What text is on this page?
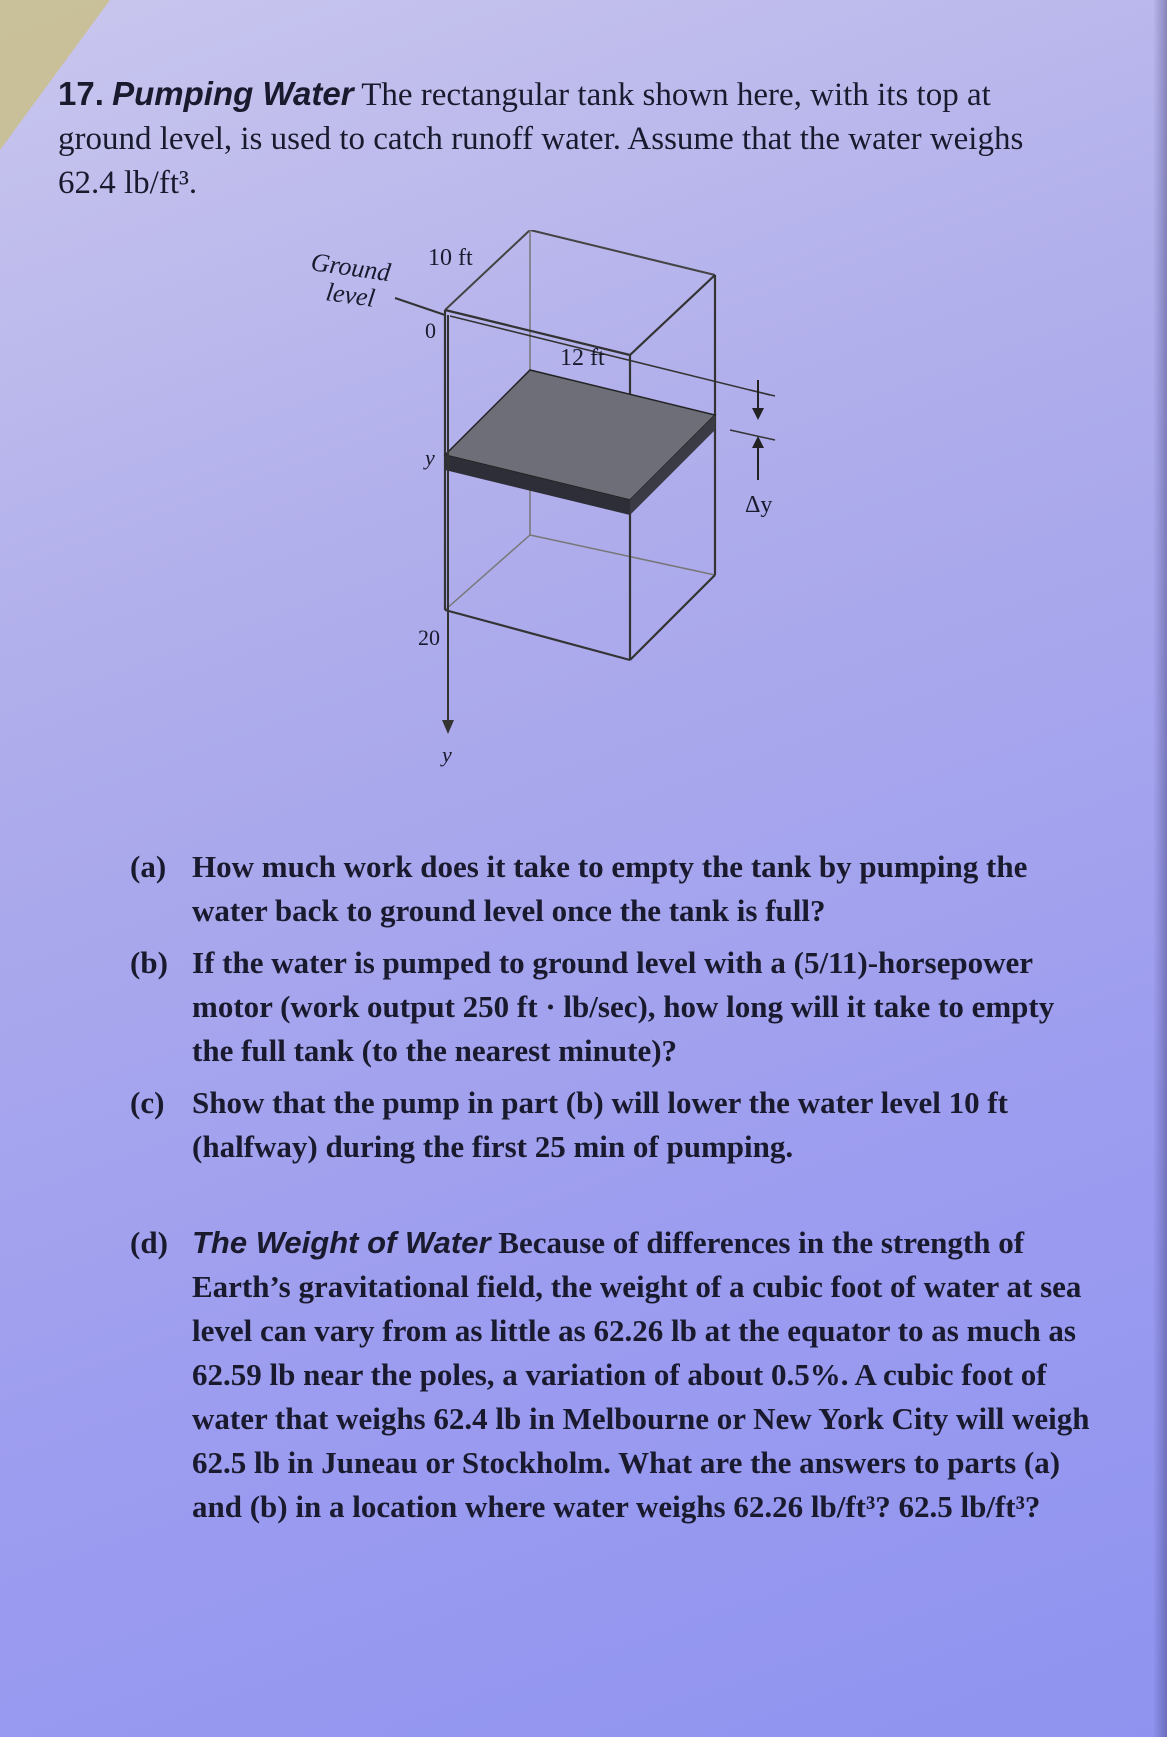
17. Pumping Water The rectangular tank shown here, with its top at ground level, is used to catch runoff water. Assume that the water weighs 62.4 lb/ft³.
Ground
level
10 ft
12 ft
0
20
y
y
Δy
(a) How much work does it take to empty the tank by pumping the water back to ground level once the tank is full?
(b) If the water is pumped to ground level with a (5/11)-horsepower motor (work output 250 ft · lb/sec), how long will it take to empty the full tank (to the nearest minute)?
(c) Show that the pump in part (b) will lower the water level 10 ft (halfway) during the first 25 min of pumping.
(d) The Weight of Water Because of differences in the strength of Earth’s gravitational field, the weight of a cubic foot of water at sea level can vary from as little as 62.26 lb at the equator to as much as 62.59 lb near the poles, a variation of about 0.5%. A cubic foot of water that weighs 62.4 lb in Melbourne or New York City will weigh 62.5 lb in Juneau or Stockholm. What are the answers to parts (a) and (b) in a location where water weighs 62.26 lb/ft³? 62.5 lb/ft³?
